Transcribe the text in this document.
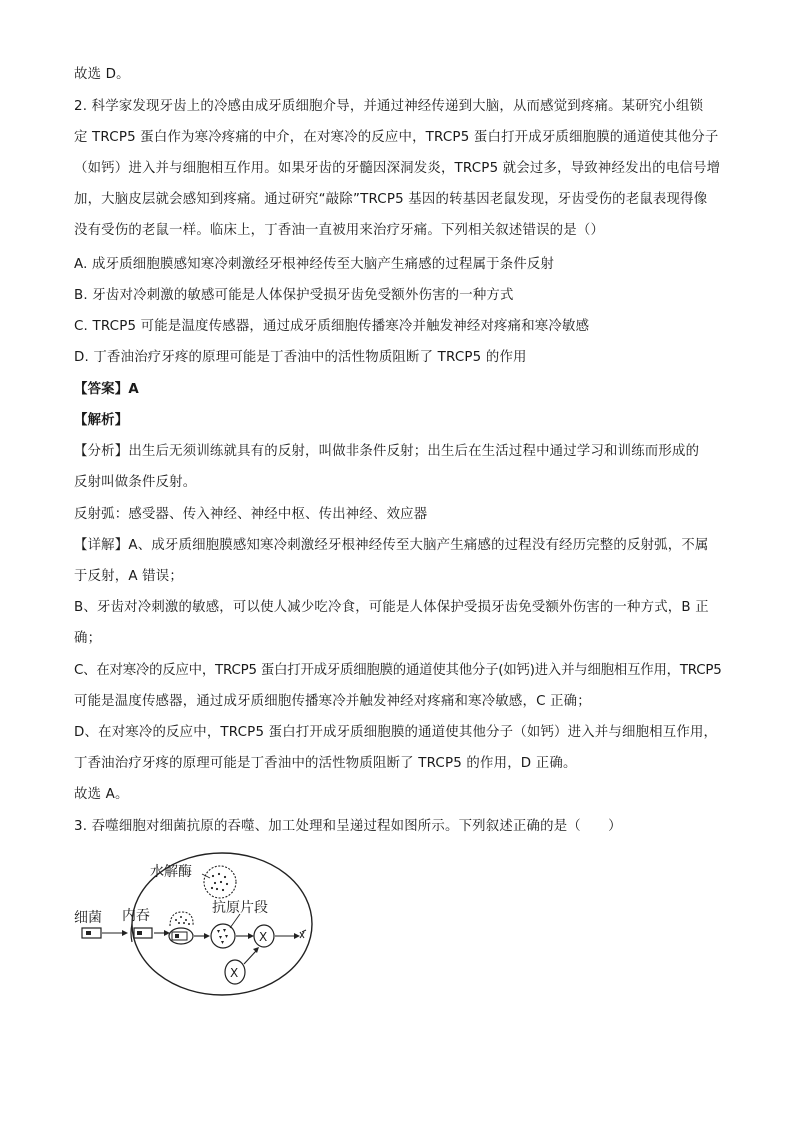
故选 D。
2. 科学家发现牙齿上的冷感由成牙质细胞介导，并通过神经传递到大脑，从而感觉到疼痛。某研究小组锁
定 TRCP5 蛋白作为寒冷疼痛的中介，在对寒冷的反应中，TRCP5 蛋白打开成牙质细胞膜的通道使其他分子
（如钙）进入并与细胞相互作用。如果牙齿的牙髓因深洞发炎，TRCP5 就会过多，导致神经发出的电信号增
加，大脑皮层就会感知到疼痛。通过研究“敲除”TRCP5 基因的转基因老鼠发现，牙齿受伤的老鼠表现得像
没有受伤的老鼠一样。临床上，丁香油一直被用来治疗牙痛。下列相关叙述错误的是（）
A. 成牙质细胞膜感知寒冷刺激经牙根神经传至大脑产生痛感的过程属于条件反射
B. 牙齿对冷刺激的敏感可能是人体保护受损牙齿免受额外伤害的一种方式
C. TRCP5 可能是温度传感器，通过成牙质细胞传播寒冷并触发神经对疼痛和寒冷敏感
D. 丁香油治疗牙疼的原理可能是丁香油中的活性物质阻断了 TRCP5 的作用
【答案】A
【解析】
【分析】出生后无须训练就具有的反射，叫做非条件反射；出生后在生活过程中通过学习和训练而形成的
反射叫做条件反射。
反射弧：感受器、传入神经、神经中枢、传出神经、效应器
【详解】A、成牙质细胞膜感知寒冷刺激经牙根神经传至大脑产生痛感的过程没有经历完整的反射弧，不属
于反射，A 错误；
B、牙齿对冷刺激的敏感，可以使人减少吃冷食，可能是人体保护受损牙齿免受额外伤害的一种方式，B 正
确；
C、在对寒冷的反应中，TRCP5 蛋白打开成牙质细胞膜的通道使其他分子(如钙)进入并与细胞相互作用，TRCP5
可能是温度传感器，通过成牙质细胞传播寒冷并触发神经对疼痛和寒冷敏感，C 正确；
D、在对寒冷的反应中，TRCP5 蛋白打开成牙质细胞膜的通道使其他分子（如钙）进入并与细胞相互作用，
丁香油治疗牙疼的原理可能是丁香油中的活性物质阻断了 TRCP5 的作用，D 正确。
故选 A。
3. 吞噬细胞对细菌抗原的吞噬、加工处理和呈递过程如图所示。下列叙述正确的是（　　）
细菌 内吞
水解酶
抗原片段
X
X
